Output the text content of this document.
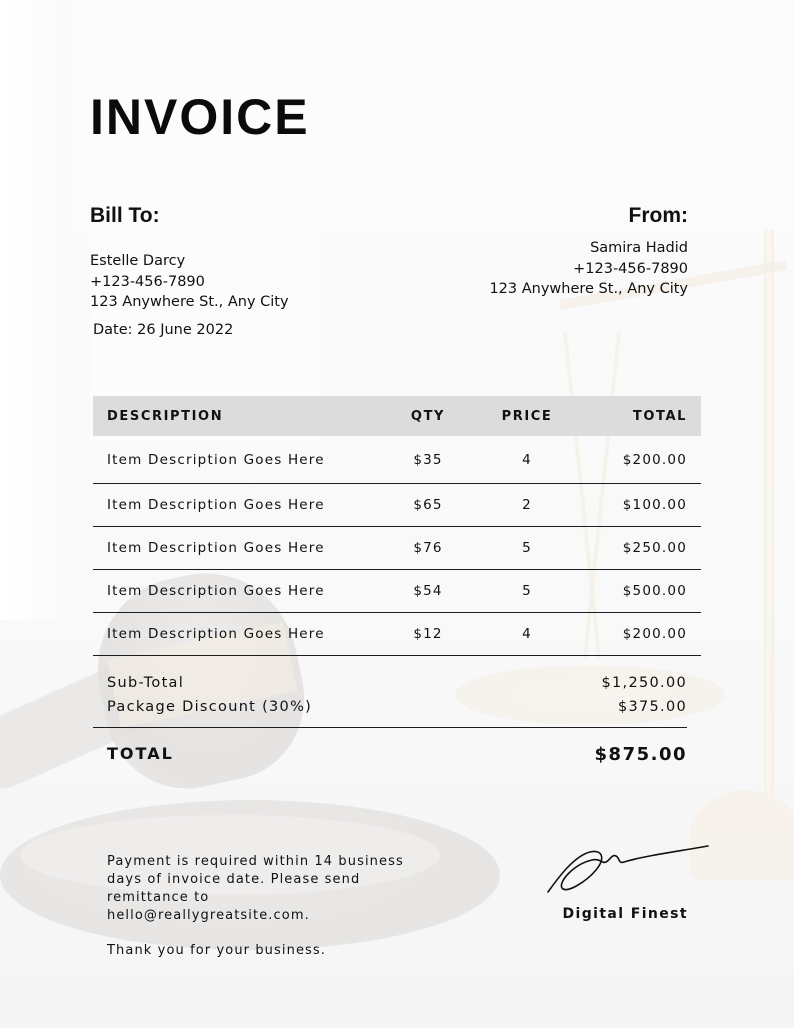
INVOICE
Bill To:	From:
Estelle Darcy
+123-456-7890
123 Anywhere St., Any City
Samira Hadid
+123-456-7890
123 Anywhere St., Any City
Date: 26 June 2022
DESCRIPTION	QTY	PRICE	TOTAL
Item Description Goes Here	$35	4	$200.00
Item Description Goes Here	$65	2	$100.00
Item Description Goes Here	$76	5	$250.00
Item Description Goes Here	$54	5	$500.00
Item Description Goes Here	$12	4	$200.00
Sub-Total	$1,250.00
Package Discount (30%)	$375.00
TOTAL	$875.00
Payment is required within 14 business
days of invoice date. Please send
remittance to
hello@reallygreatsite.com.
Thank you for your business.
Digital Finest
